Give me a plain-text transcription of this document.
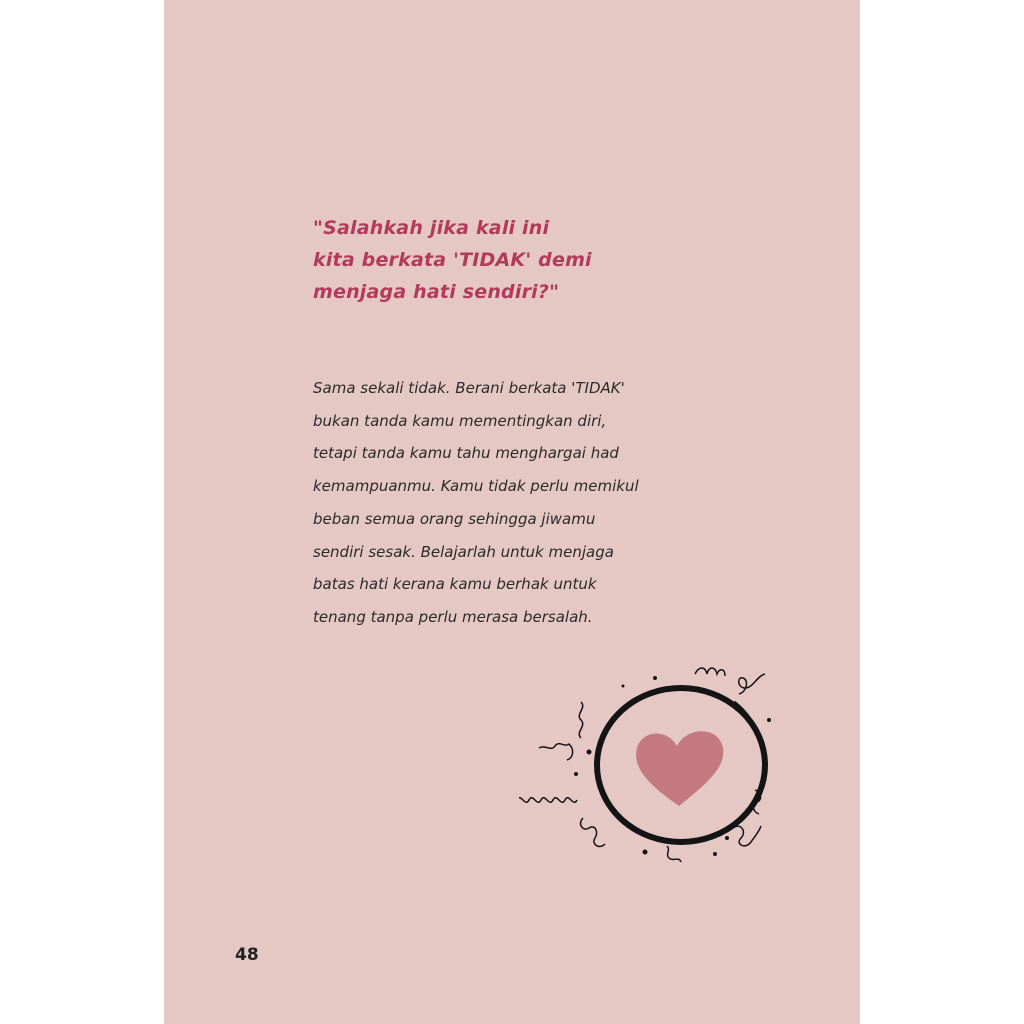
"Salahkah jika kali ini
kita berkata 'TIDAK' demi
menjaga hati sendiri?"
Sama sekali tidak. Berani berkata 'TIDAK'
bukan tanda kamu mementingkan diri,
tetapi tanda kamu tahu menghargai had
kemampuanmu. Kamu tidak perlu memikul
beban semua orang sehingga jiwamu
sendiri sesak. Belajarlah untuk menjaga
batas hati kerana kamu berhak untuk
tenang tanpa perlu merasa bersalah.
48
